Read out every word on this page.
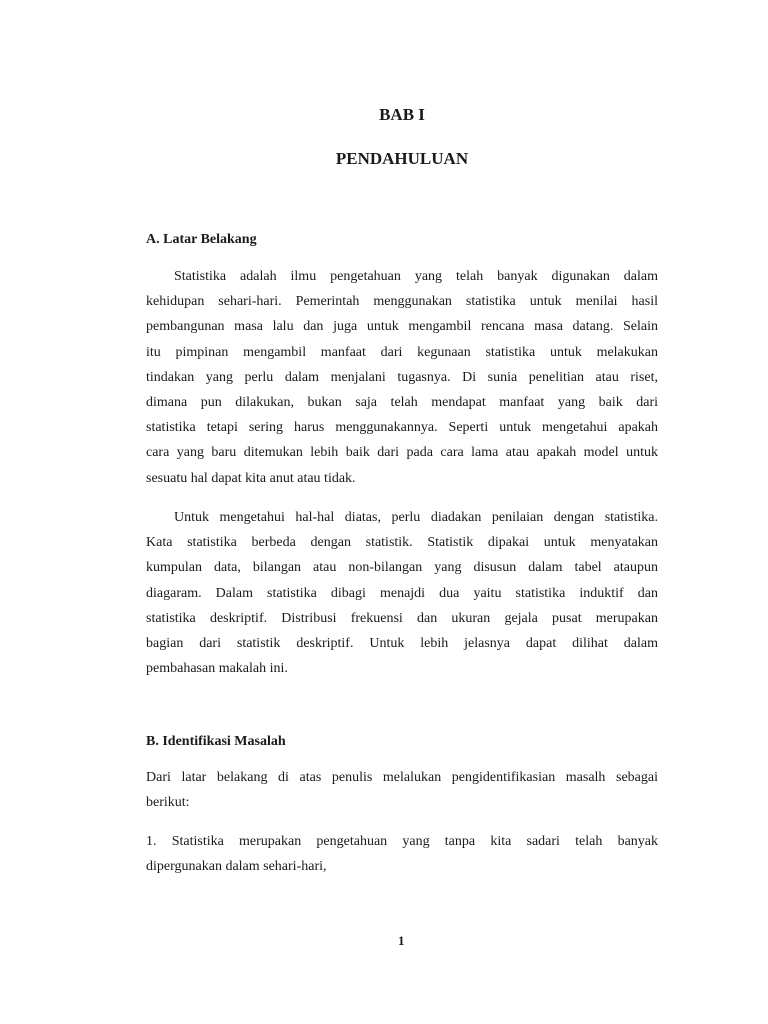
BAB I
PENDAHULUAN
A. Latar Belakang
Statistika adalah ilmu pengetahuan yang telah banyak digunakan dalam
kehidupan sehari-hari. Pemerintah menggunakan statistika untuk menilai hasil
pembangunan masa lalu dan juga untuk mengambil rencana masa datang. Selain
itu pimpinan mengambil manfaat dari kegunaan statistika untuk melakukan
tindakan yang perlu dalam menjalani tugasnya. Di sunia penelitian atau riset,
dimana pun dilakukan, bukan saja telah mendapat manfaat yang baik dari
statistika tetapi sering harus menggunakannya. Seperti untuk mengetahui apakah
cara yang baru ditemukan lebih baik dari pada cara lama atau apakah model untuk
sesuatu hal dapat kita anut atau tidak.
Untuk mengetahui hal-hal diatas, perlu diadakan penilaian dengan statistika.
Kata statistika berbeda dengan statistik. Statistik dipakai untuk menyatakan
kumpulan data, bilangan atau non-bilangan yang disusun dalam tabel ataupun
diagaram. Dalam statistika dibagi menajdi dua yaitu statistika induktif dan
statistika deskriptif. Distribusi frekuensi dan ukuran gejala pusat merupakan
bagian dari statistik deskriptif. Untuk lebih jelasnya dapat dilihat dalam
pembahasan makalah ini.
B. Identifikasi Masalah
Dari latar belakang di atas penulis melalukan pengidentifikasian masalh sebagai
berikut:
1. Statistika merupakan pengetahuan yang tanpa kita sadari telah banyak
dipergunakan dalam sehari-hari,
1
